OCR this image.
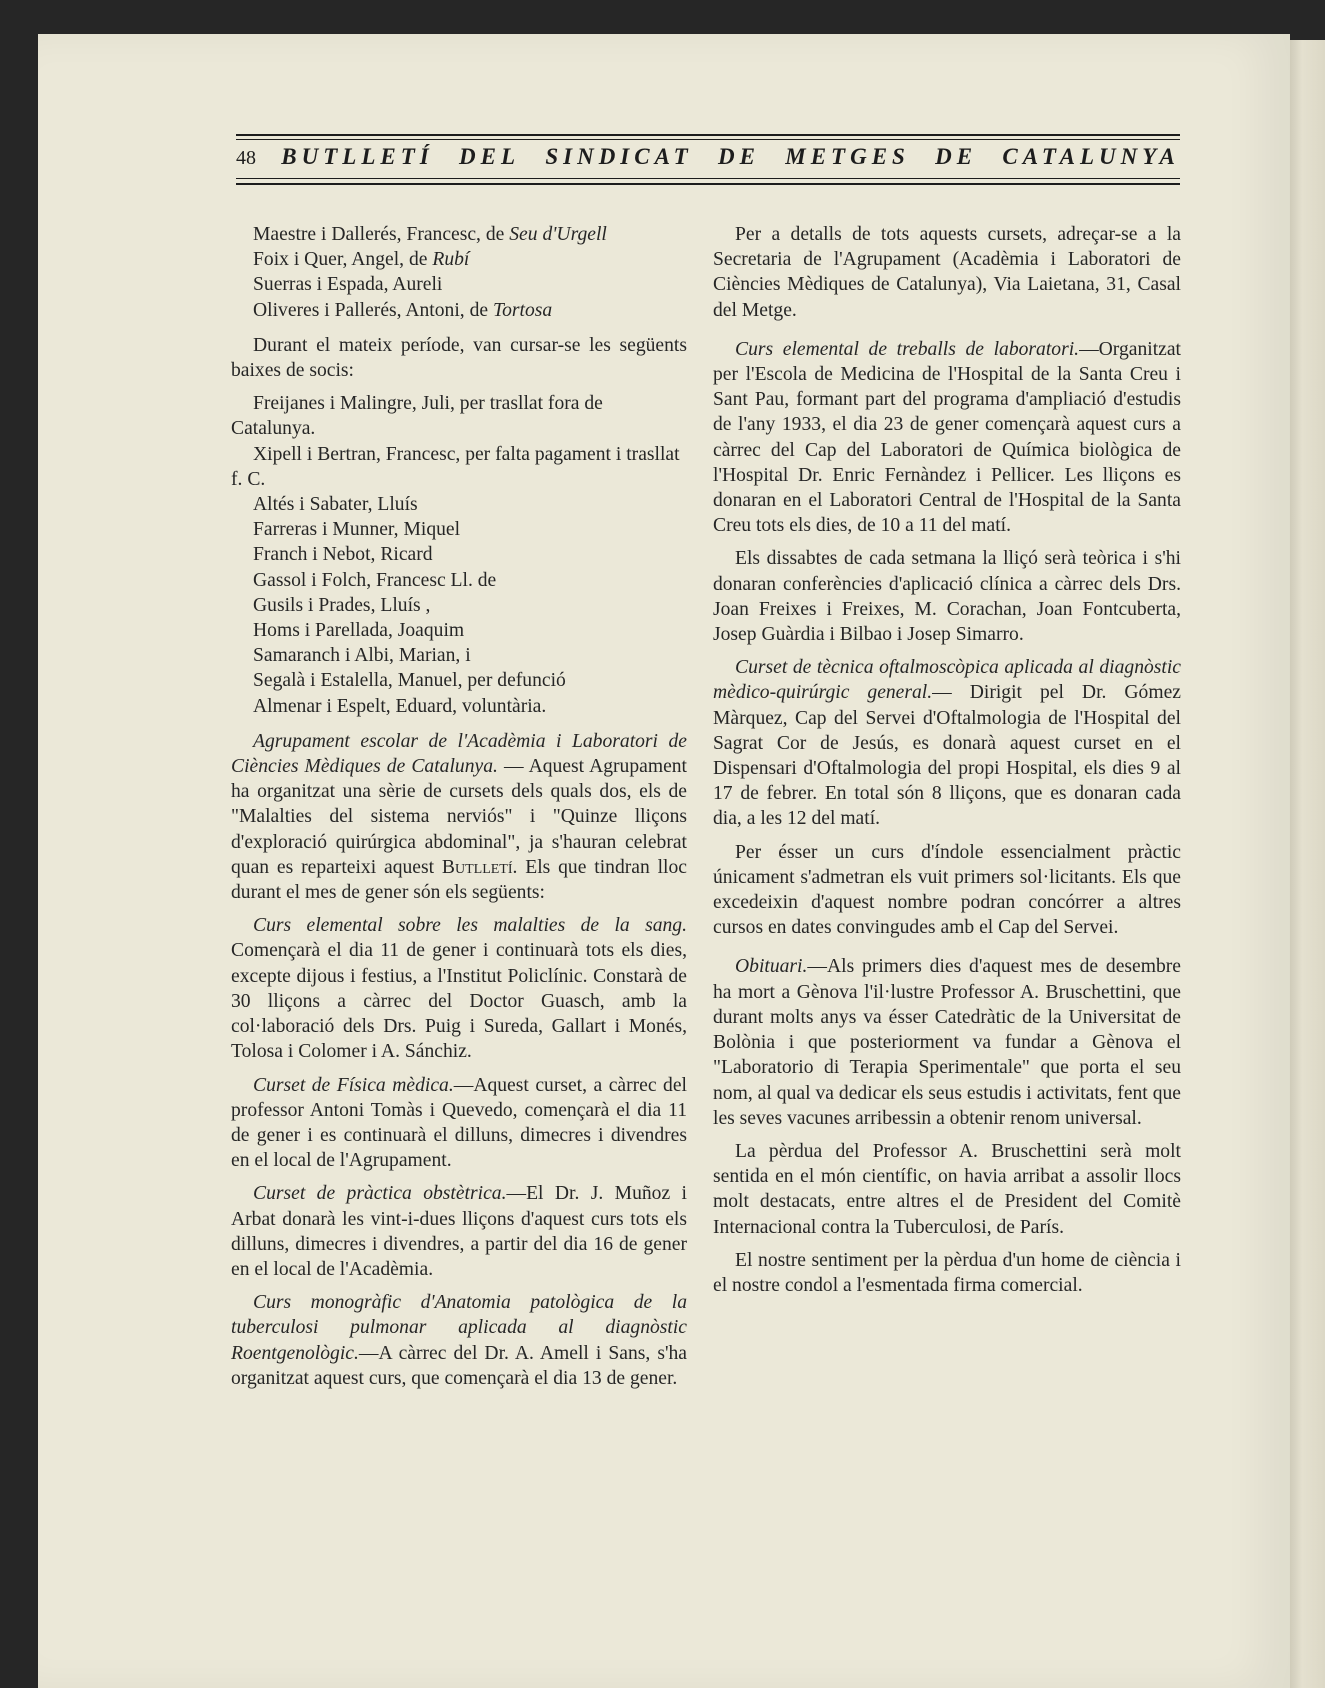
48 BUTLLETÍ DEL SINDICAT DE METGES DE CATALUNYA
Maestre i Dallerés, Francesc, de Seu d'Urgell
Foix i Quer, Angel, de Rubí
Suerras i Espada, Aureli
Oliveres i Pallerés, Antoni, de Tortosa

Durant el mateix període, van cursar-se les següents baixes de socis:

Freijanes i Malingre, Juli, per trasllat fora de Catalunya.
Xipell i Bertran, Francesc, per falta pagament i trasllat f. C.
Altés i Sabater, Lluís
Farreras i Munner, Miquel
Franch i Nebot, Ricard
Gassol i Folch, Francesc Ll. de
Gusils i Prades, Lluís ,
Homs i Parellada, Joaquim
Samaranch i Albi, Marian, i
Segalà i Estalella, Manuel, per defunció
Almenar i Espelt, Eduard, voluntària.

Agrupament escolar de l'Acadèmia i Laboratori de Ciències Mèdiques de Catalunya. — Aquest Agrupament ha organitzat una sèrie de cursets dels quals dos, els de "Malalties del sistema nerviós" i "Quinze lliçons d'exploració quirúrgica abdominal", ja s'hauran celebrat quan es reparteixi aquest Butlletí. Els que tindran lloc durant el mes de gener són els següents:

Curs elemental sobre les malalties de la sang. Començarà el dia 11 de gener i continuarà tots els dies, excepte dijous i festius, a l'Institut Policlínic. Constarà de 30 lliçons a càrrec del Doctor Guasch, amb la col·laboració dels Drs. Puig i Sureda, Gallart i Monés, Tolosa i Colomer i A. Sánchiz.

Curset de Física mèdica.—Aquest curset, a càrrec del professor Antoni Tomàs i Quevedo, començarà el dia 11 de gener i es continuarà el dilluns, dimecres i divendres en el local de l'Agrupament.

Curset de pràctica obstètrica.—El Dr. J. Muñoz i Arbat donarà les vint-i-dues lliçons d'aquest curs tots els dilluns, dimecres i divendres, a partir del dia 16 de gener en el local de l'Acadèmia.

Curs monogràfic d'Anatomia patològica de la tuberculosi pulmonar aplicada al diagnòstic Roentgenològic.—A càrrec del Dr. A. Amell i Sans, s'ha organitzat aquest curs, que començarà el dia 13 de gener.

Per a detalls de tots aquests cursets, adreçar-se a la Secretaria de l'Agrupament (Acadèmia i Laboratori de Ciències Mèdiques de Catalunya), Via Laietana, 31, Casal del Metge.

Curs elemental de treballs de laboratori.—Organitzat per l'Escola de Medicina de l'Hospital de la Santa Creu i Sant Pau, formant part del programa d'ampliació d'estudis de l'any 1933, el dia 23 de gener començarà aquest curs a càrrec del Cap del Laboratori de Química biològica de l'Hospital Dr. Enric Fernàndez i Pellicer. Les lliçons es donaran en el Laboratori Central de l'Hospital de la Santa Creu tots els dies, de 10 a 11 del matí.

Els dissabtes de cada setmana la lliçó serà teòrica i s'hi donaran conferències d'aplicació clínica a càrrec dels Drs. Joan Freixes i Freixes, M. Corachan, Joan Fontcuberta, Josep Guàrdia i Bilbao i Josep Simarro.

Curset de tècnica oftalmoscòpica aplicada al diagnòstic mèdico-quirúrgic general.— Dirigit pel Dr. Gómez Màrquez, Cap del Servei d'Oftalmologia de l'Hospital del Sagrat Cor de Jesús, es donarà aquest curset en el Dispensari d'Oftalmologia del propi Hospital, els dies 9 al 17 de febrer. En total són 8 lliçons, que es donaran cada dia, a les 12 del matí.

Per ésser un curs d'índole essencialment pràctic únicament s'admetran els vuit primers sol·licitants. Els que excedeixin d'aquest nombre podran concórrer a altres cursos en dates convingudes amb el Cap del Servei.

Obituari.—Als primers dies d'aquest mes de desembre ha mort a Gènova l'il·lustre Professor A. Bruschettini, que durant molts anys va ésser Catedràtic de la Universitat de Bolònia i que posteriorment va fundar a Gènova el "Laboratorio di Terapia Sperimentale" que porta el seu nom, al qual va dedicar els seus estudis i activitats, fent que les seves vacunes arribessin a obtenir renom universal.

La pèrdua del Professor A. Bruschettini serà molt sentida en el món científic, on havia arribat a assolir llocs molt destacats, entre altres el de President del Comitè Internacional contra la Tuberculosi, de París.

El nostre sentiment per la pèrdua d'un home de ciència i el nostre condol a l'esmentada firma comercial.
